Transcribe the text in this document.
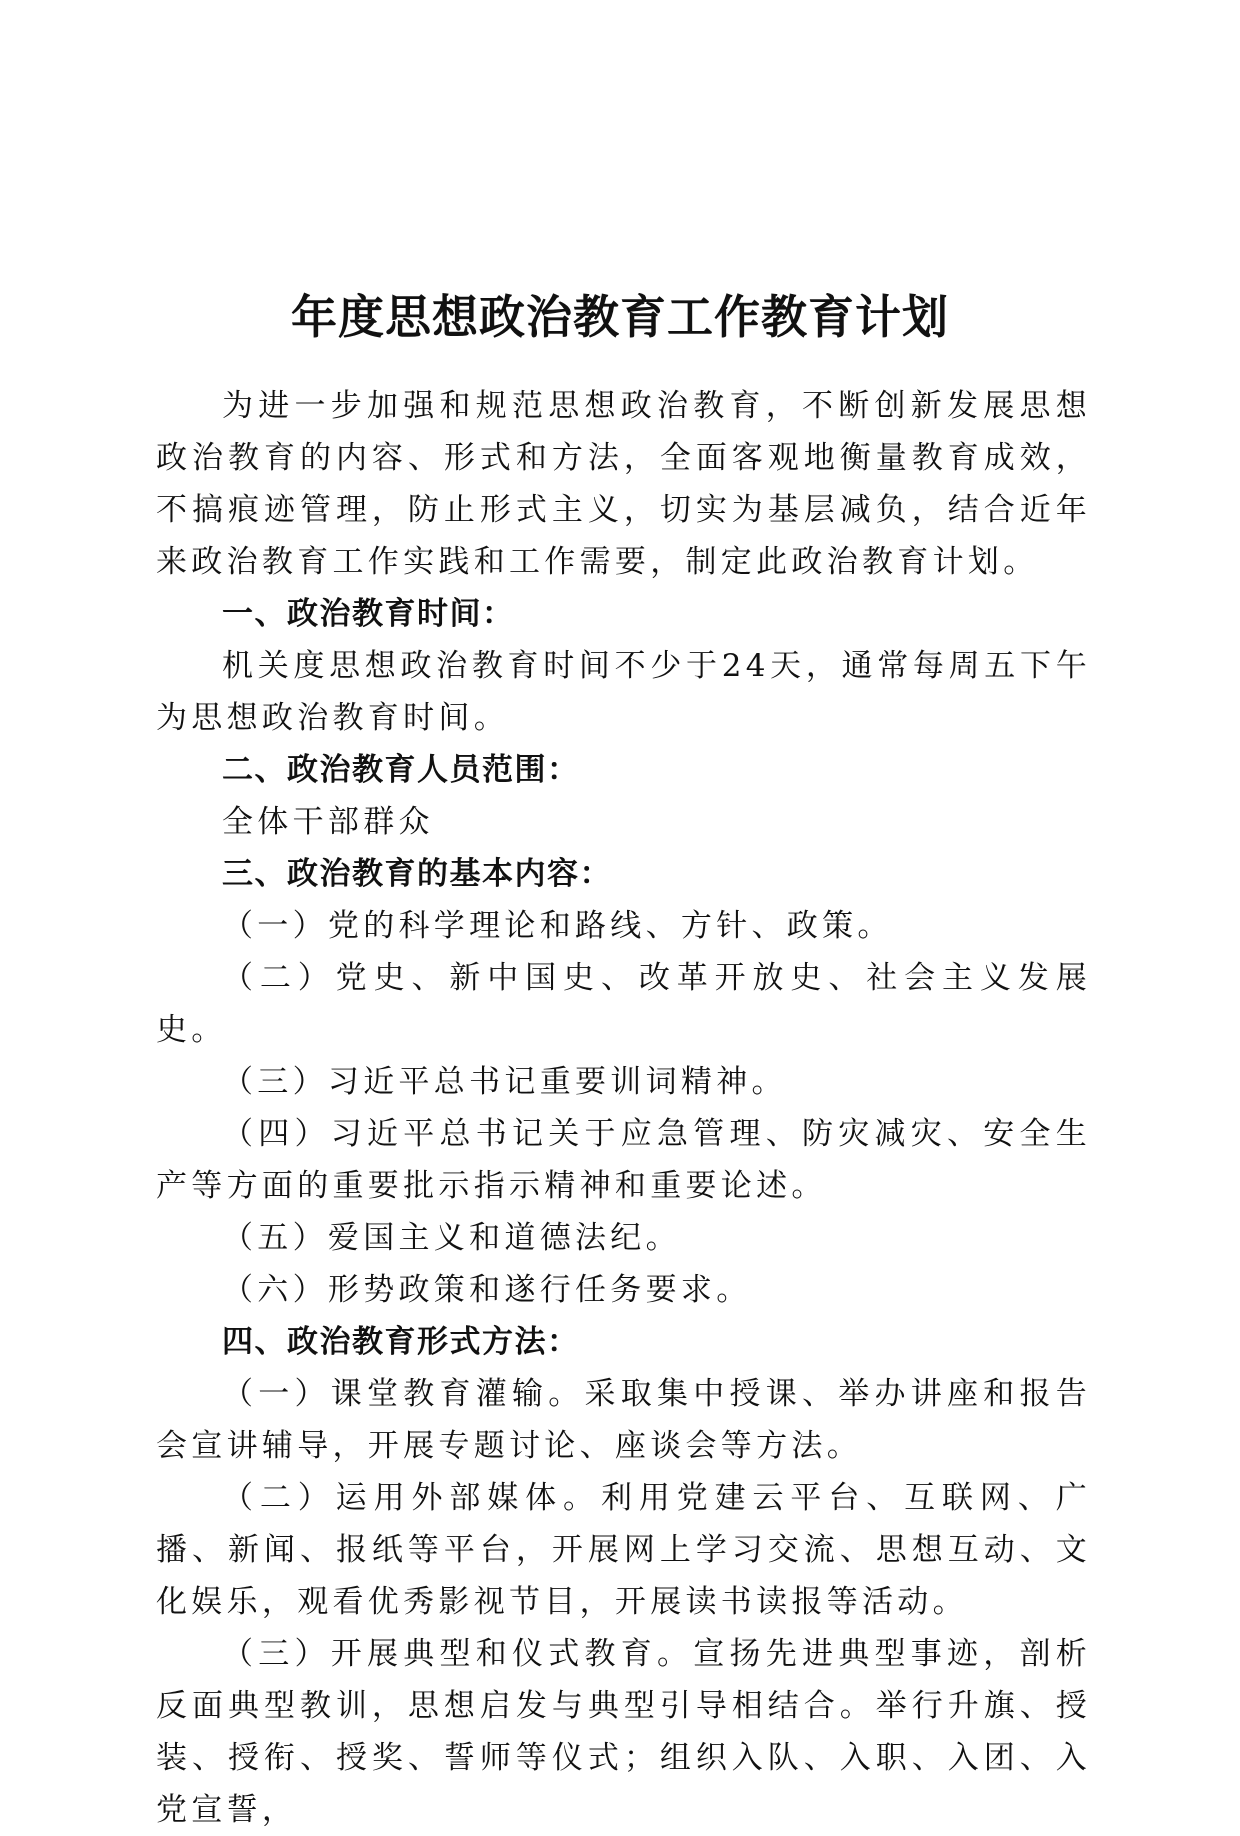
年度思想政治教育工作教育计划

为进一步加强和规范思想政治教育，不断创新发展思想政治教育的内容、形式和方法，全面客观地衡量教育成效，不搞痕迹管理，防止形式主义，切实为基层减负，结合近年来政治教育工作实践和工作需要，制定此政治教育计划。

一、政治教育时间：

机关度思想政治教育时间不少于24天，通常每周五下午为思想政治教育时间。

二、政治教育人员范围：

全体干部群众

三、政治教育的基本内容：

（一）党的科学理论和路线、方针、政策。

（二）党史、新中国史、改革开放史、社会主义发展史。

（三）习近平总书记重要训词精神。

（四）习近平总书记关于应急管理、防灾减灾、安全生产等方面的重要批示指示精神和重要论述。

（五）爱国主义和道德法纪。

（六）形势政策和遂行任务要求。

四、政治教育形式方法：

（一）课堂教育灌输。采取集中授课、举办讲座和报告会宣讲辅导，开展专题讨论、座谈会等方法。

（二）运用外部媒体。利用党建云平台、互联网、广播、新闻、报纸等平台，开展网上学习交流、思想互动、文化娱乐，观看优秀影视节目，开展读书读报等活动。

（三）开展典型和仪式教育。宣扬先进典型事迹，剖析反面典型教训，思想启发与典型引导相结合。举行升旗、授装、授衔、授奖、誓师等仪式；组织入队、入职、入团、入党宣誓，
